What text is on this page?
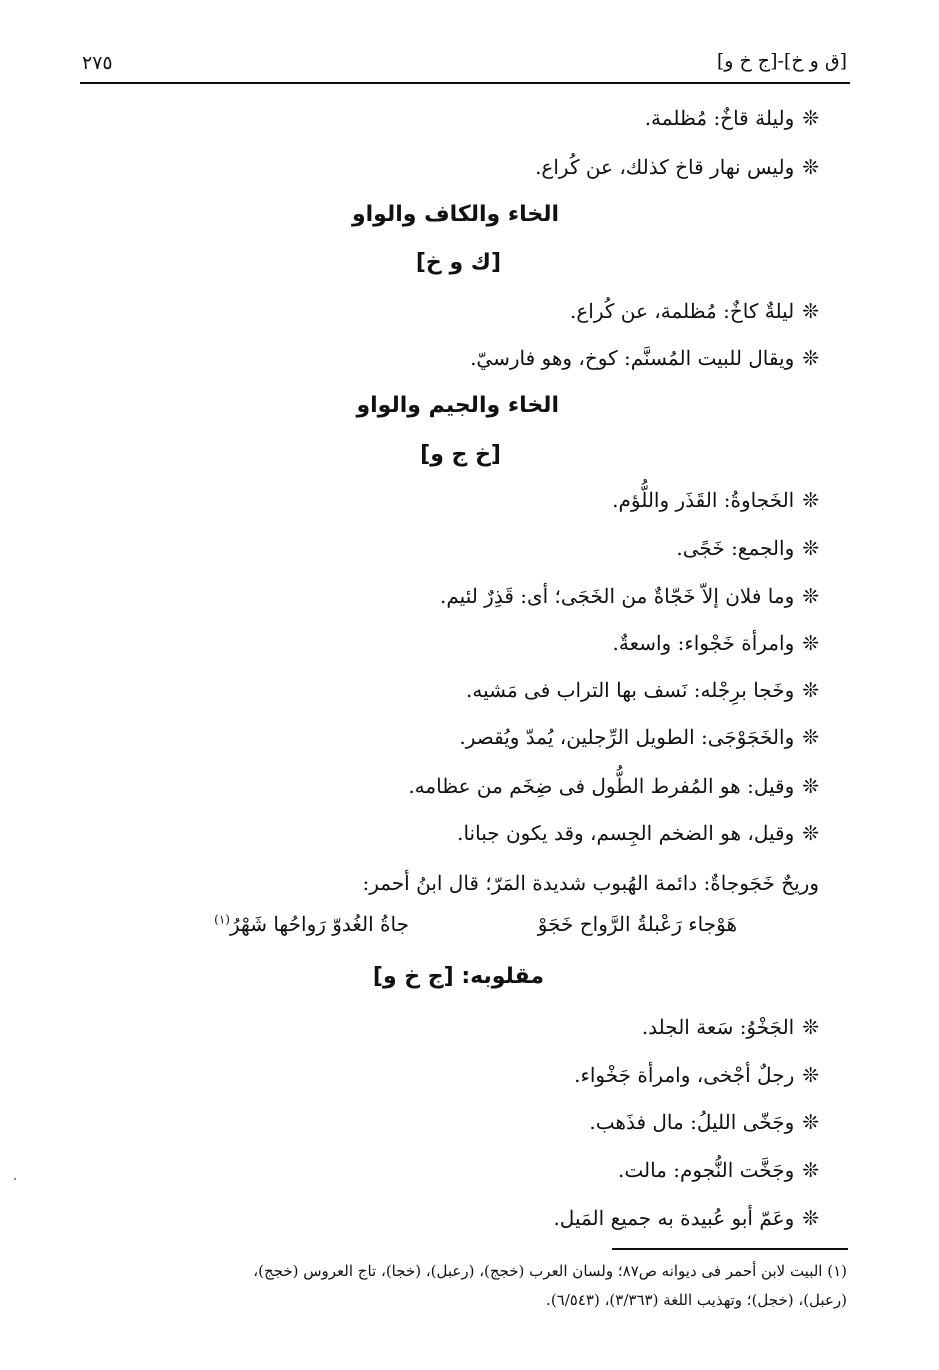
[ق و خ]-[ج خ و]
٢٧٥
❊وليلة قاخٌ: مُظلمة.
❊وليس نهار قاخ كذلك، عن كُراع.
الخاء والكاف والواو
[ك و خ]
❊ليلةٌ كاخٌ: مُظلمة، عن كُراع.
❊ويقال للبيت المُسنَّم: كوخ، وهو فارسيّ.
الخاء والجيم والواو
[خ ج و]
❊الخَجاوةُ: القَذَر واللُّؤم.
❊والجمع: خَجًى.
❊وما فلان إلاّ خَجّاةٌ من الخَجَى؛ أى: قَذِرٌ لئيم.
❊وامرأة خَجْواء: واسعةٌ.
❊وخَجا برِجْله: نَسف بها التراب فى مَشيه.
❊والخَجَوْجَى: الطويل الرِّجلين، يُمدّ ويُقصر.
❊وقيل: هو المُفرط الطُّول فى ضِخَم من عظامه.
❊وقيل، هو الضخم الجِسم، وقد يكون جبانا.
وريحٌ خَجَوجاةٌ: دائمة الهُبوب شديدة المَرّ؛ قال ابنُ أحمر:
هَوْجاء رَعْبلةُ الرَّواح خَجَوْ
جاةُ الغُدوّ رَواحُها شَهْرُ$^{(١)}$
مقلوبه: [ج خ و]
❊الجَخْوُ: سَعة الجلد.
❊رجلٌ أجْخى، وامرأة جَخْواء.
❊وجَخّى الليلُ: مال فذَهب.
❊وجَخَّت النُّجوم: مالت.
❊وعَمّ أبو عُبيدة به جميع المَيل.
(١) البيت لابن أحمر فى ديوانه ص٨٧؛ ولسان العرب (خجج)، (رعبل)، (خجا)، تاج العروس (خجج)،
(رعبل)، (خجل)؛ وتهذيب اللغة (٣/٣٦٣)، (٦/٥٤٣).
